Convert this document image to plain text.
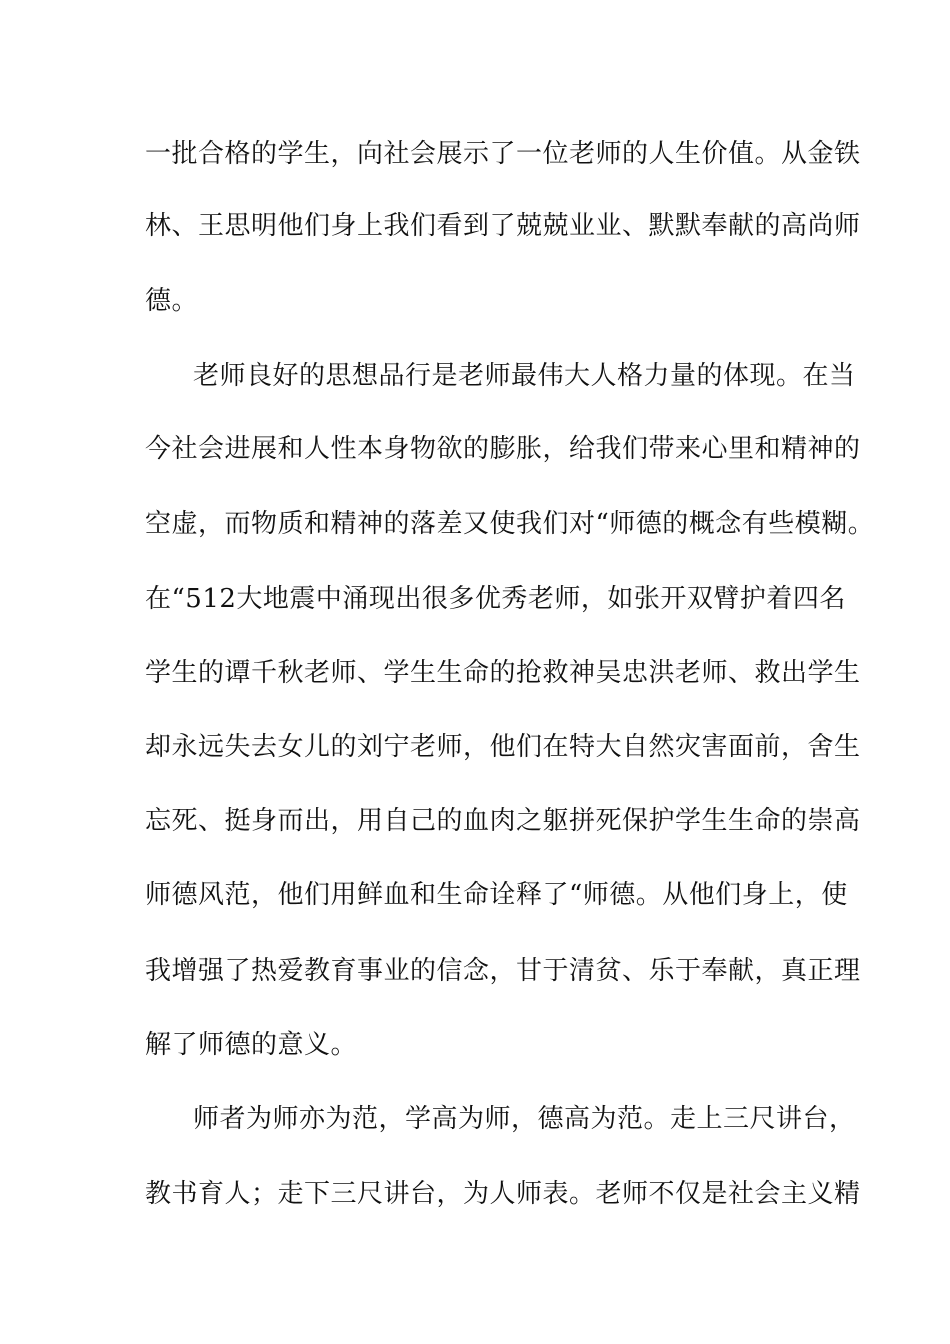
一批合格的学生，向社会展示了一位老师的人生价值。从金铁
林、王思明他们身上我们看到了兢兢业业、默默奉献的高尚师
德。
老师良好的思想品行是老师最伟大人格力量的体现。在当
今社会进展和人性本身物欲的膨胀，给我们带来心里和精神的
空虚，而物质和精神的落差又使我们对“师德的概念有些模糊。
在“512大地震中涌现出很多优秀老师，如张开双臂护着四名
学生的谭千秋老师、学生生命的抢救神吴忠洪老师、救出学生
却永远失去女儿的刘宁老师，他们在特大自然灾害面前，舍生
忘死、挺身而出，用自己的血肉之躯拼死保护学生生命的崇高
师德风范，他们用鲜血和生命诠释了“师德。从他们身上，使
我增强了热爱教育事业的信念，甘于清贫、乐于奉献，真正理
解了师德的意义。
师者为师亦为范，学高为师，德高为范。走上三尺讲台，
教书育人；走下三尺讲台，为人师表。老师不仅是社会主义精
